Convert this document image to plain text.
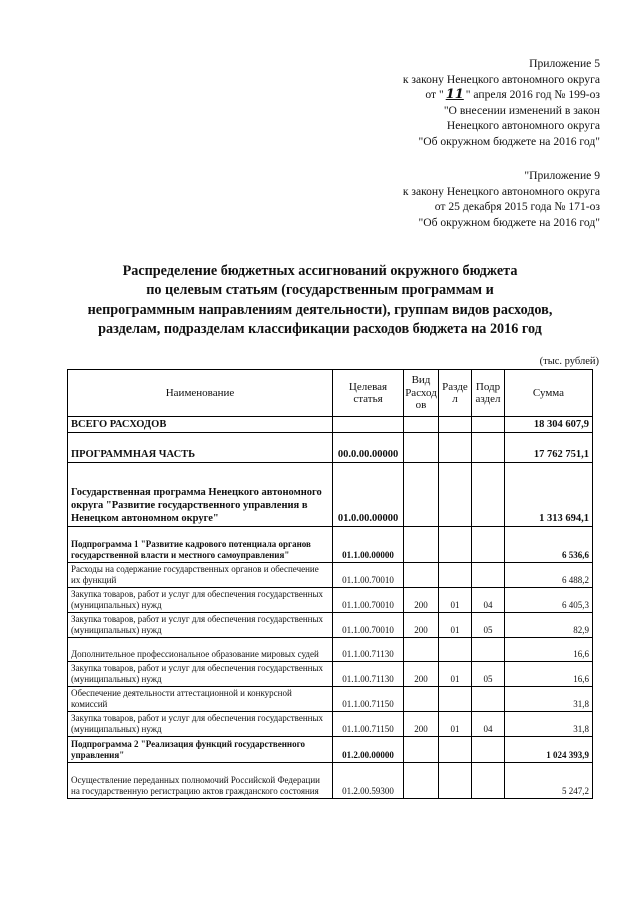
Приложение 5
к закону Ненецкого автономного округа
от " 11 " апреля 2016 год № 199-оз
"О внесении изменений в закон
Ненецкого автономного округа
"Об окружном бюджете на 2016 год"
"Приложение 9
к закону Ненецкого автономного округа
от 25 декабря 2015 года № 171-оз
"Об окружном бюджете на 2016 год"
Распределение бюджетных ассигнований окружного бюджета
по целевым статьям (государственным программам и
непрограммным направлениям деятельности), группам видов расходов,
разделам, подразделам классификации расходов бюджета на 2016 год
(тыс. рублей)
Наименование	Целевая статья	Вид Расход ов	Разде л	Подр аздел	Сумма
ВСЕГО РАСХОДОВ					18 304 607,9
ПРОГРАММНАЯ ЧАСТЬ	00.0.00.00000				17 762 751,1
Государственная программа Ненецкого автономного округа "Развитие государственного управления в Ненецком автономном округе"	01.0.00.00000				1 313 694,1
Подпрограмма 1 "Развитие кадрового потенциала органов государственной власти и местного самоуправления"	01.1.00.00000				6 536,6
Расходы на содержание государственных органов и обеспечение их функций	01.1.00.70010				6 488,2
Закупка товаров, работ и услуг для обеспечения государственных (муниципальных) нужд	01.1.00.70010	200	01	04	6 405,3
Закупка товаров, работ и услуг для обеспечения государственных (муниципальных) нужд	01.1.00.70010	200	01	05	82,9
Дополнительное профессиональное образование мировых судей	01.1.00.71130				16,6
Закупка товаров, работ и услуг для обеспечения государственных (муниципальных) нужд	01.1.00.71130	200	01	05	16,6
Обеспечение деятельности аттестационной и конкурсной комиссий	01.1.00.71150				31,8
Закупка товаров, работ и услуг для обеспечения государственных (муниципальных) нужд	01.1.00.71150	200	01	04	31,8
Подпрограмма 2 "Реализация функций государственного управления"	01.2.00.00000				1 024 393,9
Осуществление переданных полномочий Российской Федерации на государственную регистрацию актов гражданского состояния	01.2.00.59300				5 247,2
